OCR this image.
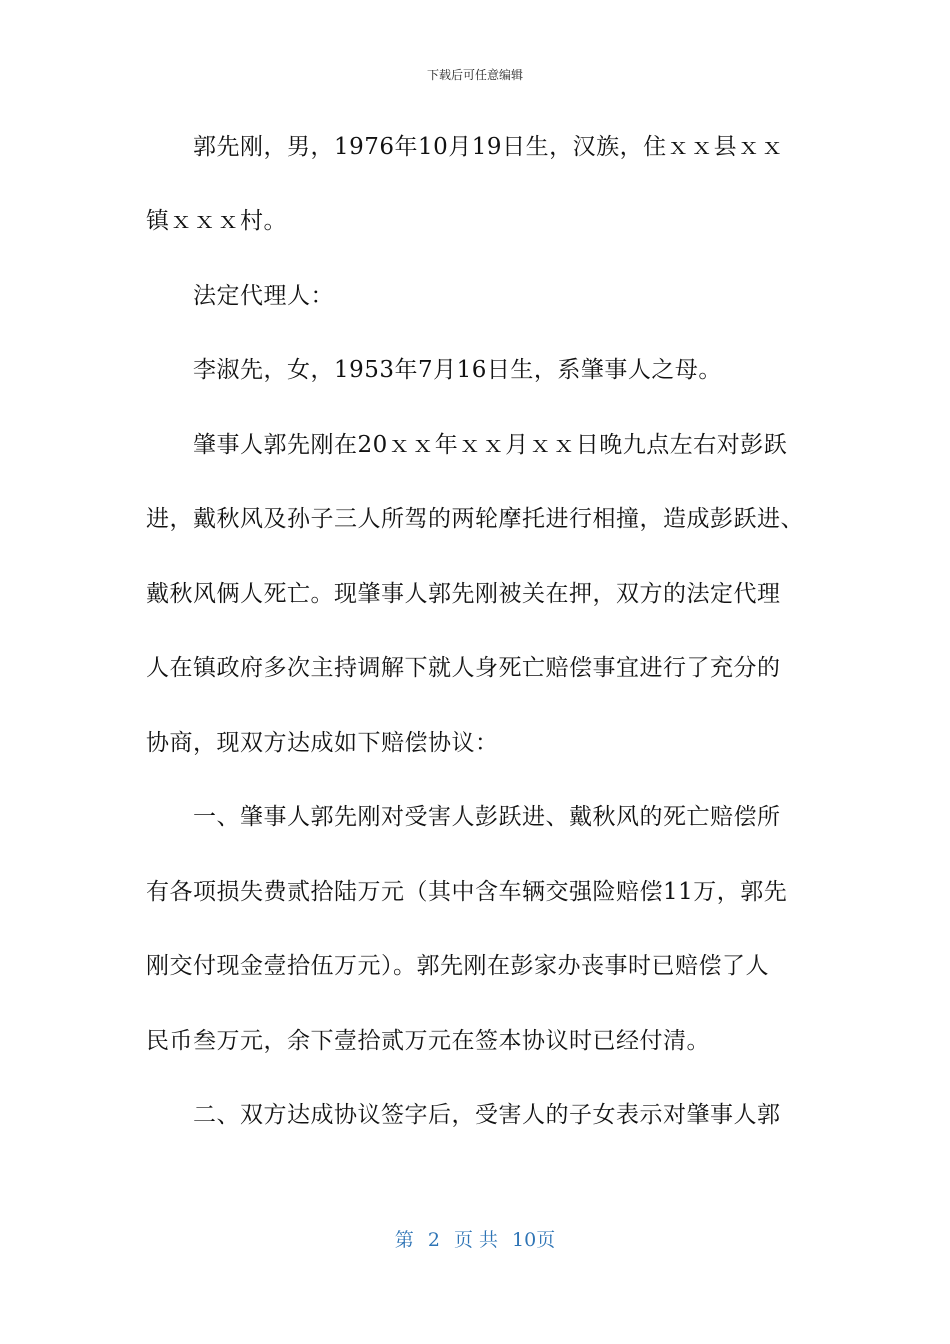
下载后可任意编辑
郭先刚，男，1976年10月19日生，汉族，住ｘｘ县ｘｘ
镇ｘｘｘ村。
法定代理人：
李淑先，女，1953年7月16日生，系肇事人之母。
肇事人郭先刚在20ｘｘ年ｘｘ月ｘｘ日晚九点左右对彭跃
进，戴秋风及孙子三人所驾的两轮摩托进行相撞，造成彭跃进、
戴秋风俩人死亡。现肇事人郭先刚被关在押，双方的法定代理
人在镇政府多次主持调解下就人身死亡赔偿事宜进行了充分的
协商，现双方达成如下赔偿协议：
一、肇事人郭先刚对受害人彭跃进、戴秋风的死亡赔偿所
有各项损失费贰拾陆万元（其中含车辆交强险赔偿11万，郭先
刚交付现金壹拾伍万元）。郭先刚在彭家办丧事时已赔偿了人
民币叁万元，余下壹拾贰万元在签本协议时已经付清。
二、双方达成协议签字后，受害人的子女表示对肇事人郭
第 2 页 共 10页
